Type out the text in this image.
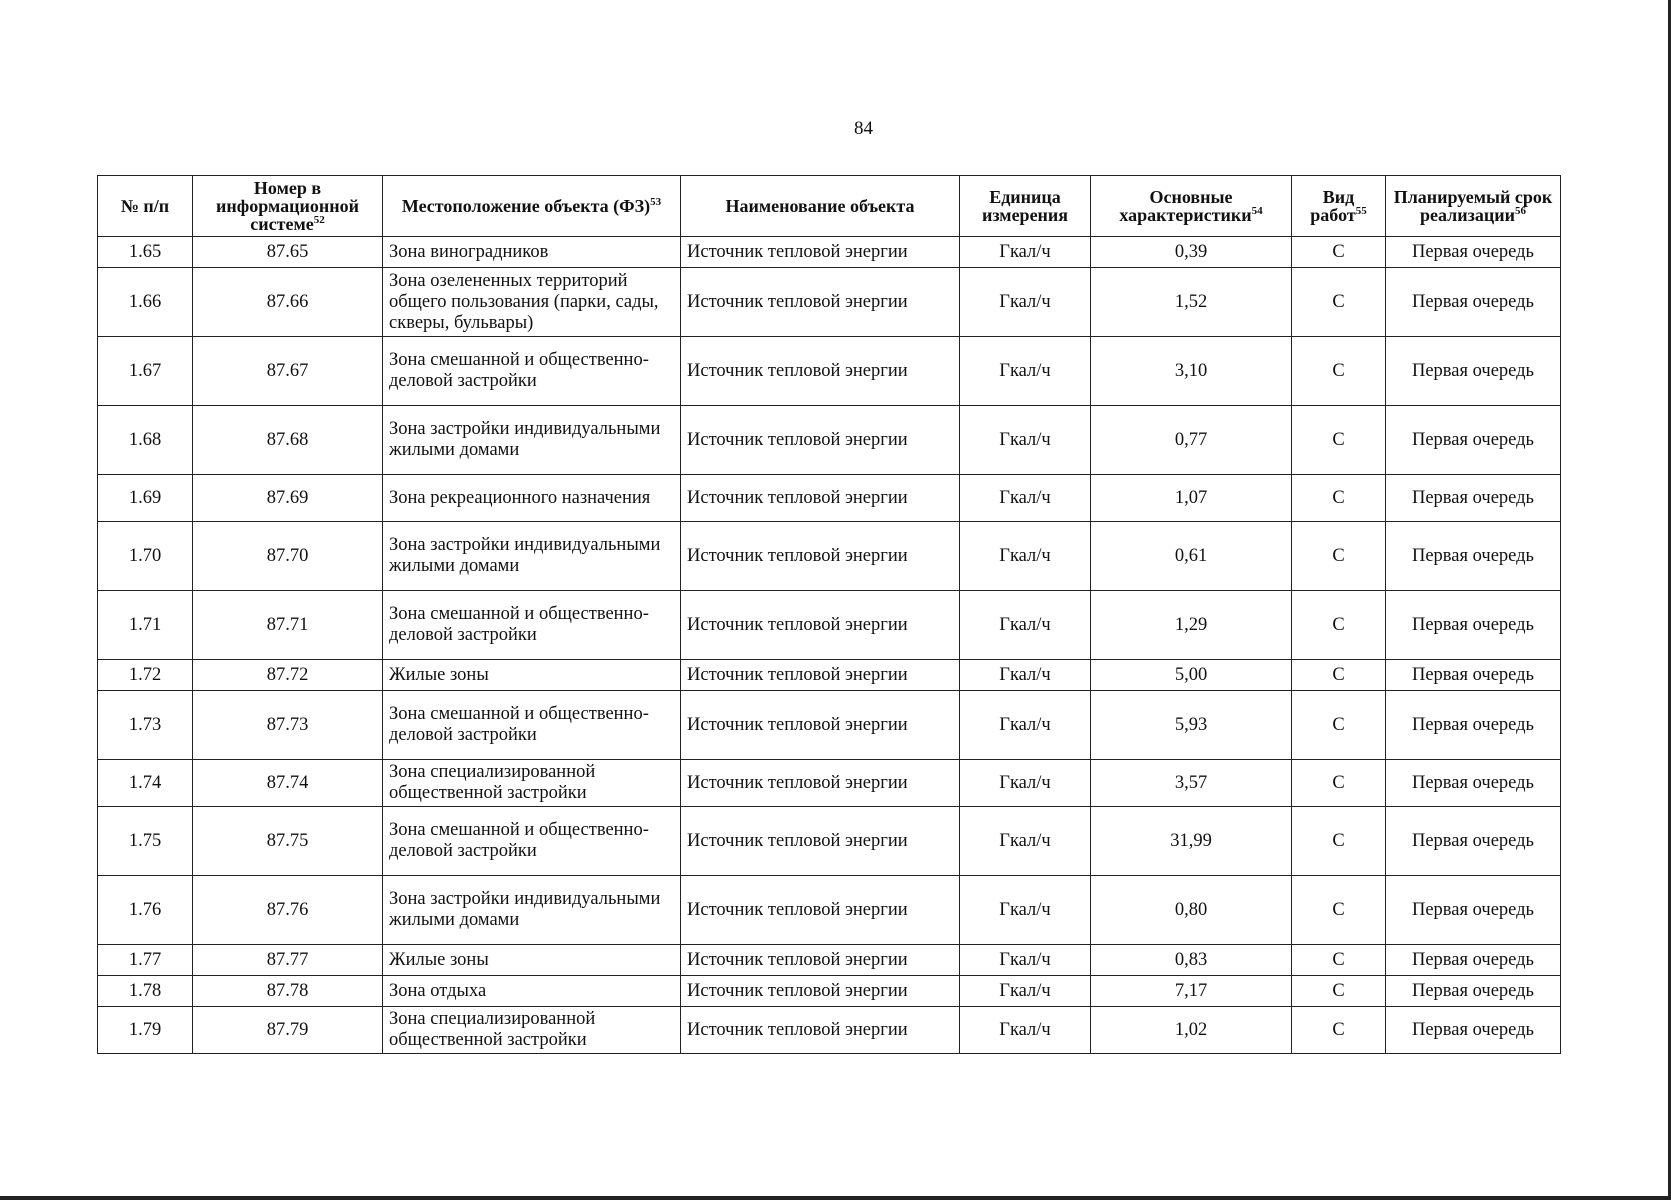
84
№ п/п	Номер в информационной системе$^{52}$	Местоположение объекта (ФЗ)$^{53}$	Наименование объекта	Единица измерения	Основные характеристики$^{54}$	Вид работ$^{55}$	Планируемый срок реализации$^{56}$
1.65	87.65	Зона виноградников	Источник тепловой энергии	Гкал/ч	0,39	С	Первая очередь
1.66	87.66	Зона озелененных территорий общего пользования (парки, сады, скверы, бульвары)	Источник тепловой энергии	Гкал/ч	1,52	С	Первая очередь
1.67	87.67	Зона смешанной и общественно-деловой застройки	Источник тепловой энергии	Гкал/ч	3,10	С	Первая очередь
1.68	87.68	Зона застройки индивидуальными жилыми домами	Источник тепловой энергии	Гкал/ч	0,77	С	Первая очередь
1.69	87.69	Зона рекреационного назначения	Источник тепловой энергии	Гкал/ч	1,07	С	Первая очередь
1.70	87.70	Зона застройки индивидуальными жилыми домами	Источник тепловой энергии	Гкал/ч	0,61	С	Первая очередь
1.71	87.71	Зона смешанной и общественно-деловой застройки	Источник тепловой энергии	Гкал/ч	1,29	С	Первая очередь
1.72	87.72	Жилые зоны	Источник тепловой энергии	Гкал/ч	5,00	С	Первая очередь
1.73	87.73	Зона смешанной и общественно-деловой застройки	Источник тепловой энергии	Гкал/ч	5,93	С	Первая очередь
1.74	87.74	Зона специализированной общественной застройки	Источник тепловой энергии	Гкал/ч	3,57	С	Первая очередь
1.75	87.75	Зона смешанной и общественно-деловой застройки	Источник тепловой энергии	Гкал/ч	31,99	С	Первая очередь
1.76	87.76	Зона застройки индивидуальными жилыми домами	Источник тепловой энергии	Гкал/ч	0,80	С	Первая очередь
1.77	87.77	Жилые зоны	Источник тепловой энергии	Гкал/ч	0,83	С	Первая очередь
1.78	87.78	Зона отдыха	Источник тепловой энергии	Гкал/ч	7,17	С	Первая очередь
1.79	87.79	Зона специализированной общественной застройки	Источник тепловой энергии	Гкал/ч	1,02	С	Первая очередь
